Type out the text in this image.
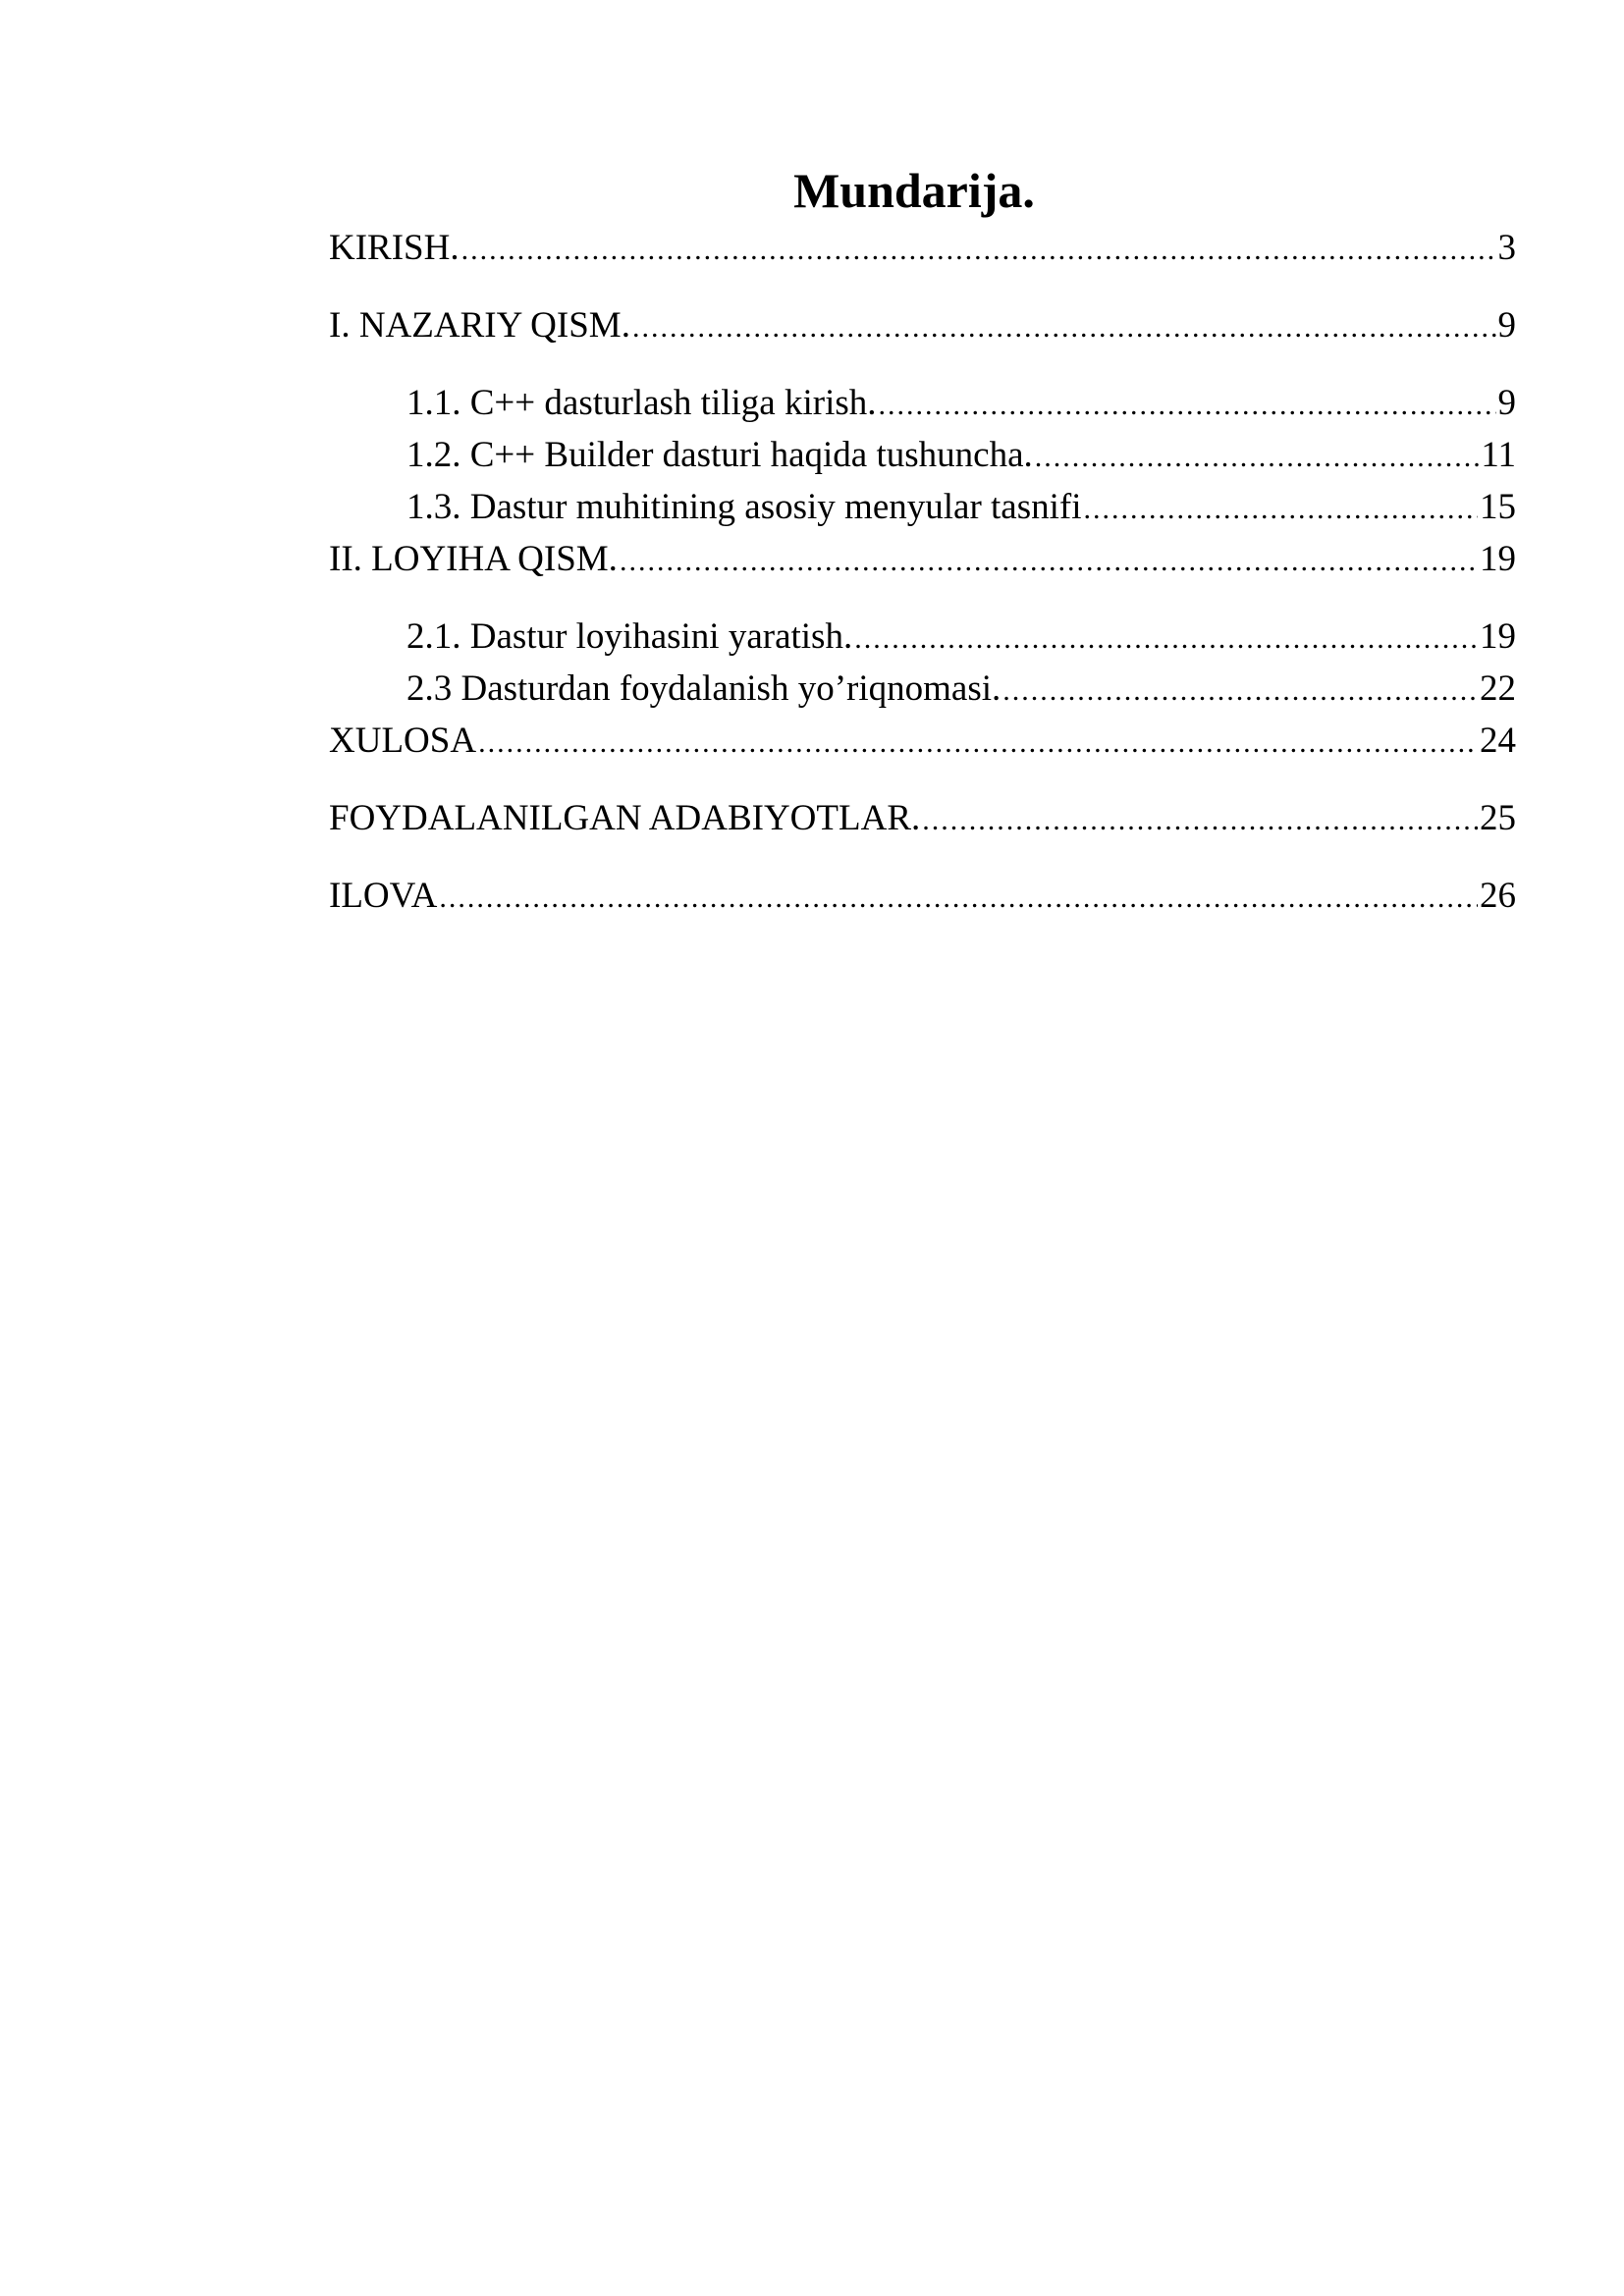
Mundarija.
KIRISH. .....	3
I. NAZARIY QISM. .....	9
1.1. C++ dasturlash tiliga kirish. .....	9
1.2. C++ Builder dasturi haqida tushuncha. .....	11
1.3. Dastur muhitining asosiy menyular tasnifi .....	15
II. LOYIHA QISM. .....	19
2.1. Dastur loyihasini yaratish. .....	19
2.3 Dasturdan foydalanish yo’riqnomasi. .....	22
XULOSA .....	24
FOYDALANILGAN ADABIYOTLAR. .....	25
ILOVA .....	26
